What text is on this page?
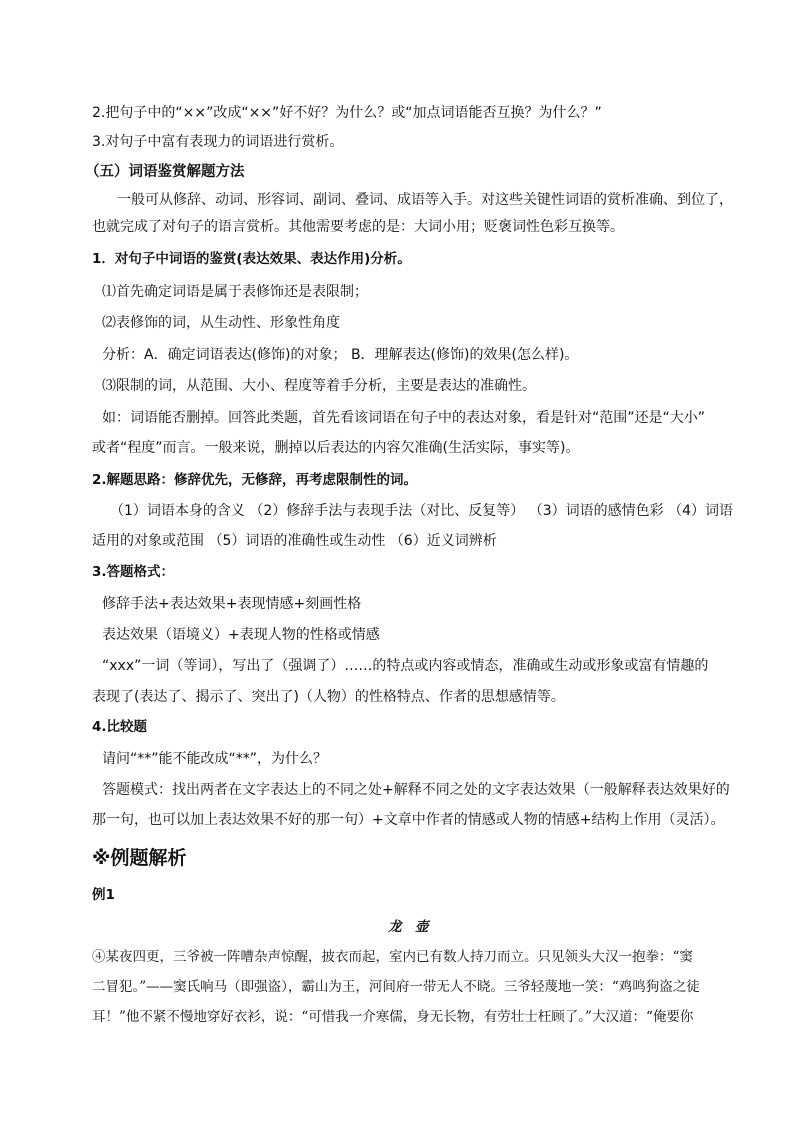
2.把句子中的“××”改成“××”好不好？为什么？或“加点词语能否互换？为什么？”

3.对句子中富有表现力的词语进行赏析。

（五）词语鉴赏解题方法

一般可从修辞、动词、形容词、副词、叠词、成语等入手。对这些关键性词语的赏析准确、到位了，

也就完成了对句子的语言赏析。其他需要考虑的是：大词小用；贬褒词性色彩互换等。

1．对句子中词语的鉴赏(表达效果、表达作用)分析。

⑴首先确定词语是属于表修饰还是表限制；

⑵表修饰的词，从生动性、形象性角度

分析：A．确定词语表达(修饰)的对象； B．理解表达(修饰)的效果(怎么样)。

⑶限制的词，从范围、大小、程度等着手分析，主要是表达的准确性。

如：词语能否删掉。回答此类题，首先看该词语在句子中的表达对象，看是针对“范围”还是“大小”

或者“程度”而言。一般来说，删掉以后表达的内容欠准确(生活实际，事实等)。

2.解题思路：修辞优先，无修辞，再考虑限制性的词。

（1）词语本身的含义 （2）修辞手法与表现手法（对比、反复等） （3）词语的感情色彩 （4）词语

适用的对象或范围 （5）词语的准确性或生动性 （6）近义词辨析

3.答题格式：

修辞手法+表达效果+表现情感+刻画性格

表达效果（语境义）+表现人物的性格或情感

“xxx”一词（等词），写出了（强调了）……的特点或内容或情态，准确或生动或形象或富有情趣的

表现了(表达了、揭示了、突出了)（人物）的性格特点、作者的思想感情等。

4.比较题

请问“**”能不能改成“**”，为什么？

答题模式：找出两者在文字表达上的不同之处+解释不同之处的文字表达效果（一般解释表达效果好的

那一句，也可以加上表达效果不好的那一句）+文章中作者的情感或人物的情感+结构上作用（灵活）。

※例题解析

例1

龙　壶

④某夜四更，三爷被一阵嘈杂声惊醒，披衣而起，室内已有数人持刀而立。只见领头大汉一抱拳：“窦

二冒犯。”——窦氏响马（即强盗），霸山为王，河间府一带无人不晓。三爷轻蔑地一笑：“鸡鸣狗盗之徒

耳！”他不紧不慢地穿好衣衫，说：“可惜我一介寒儒，身无长物，有劳壮士枉顾了。”大汉道：“俺要你
